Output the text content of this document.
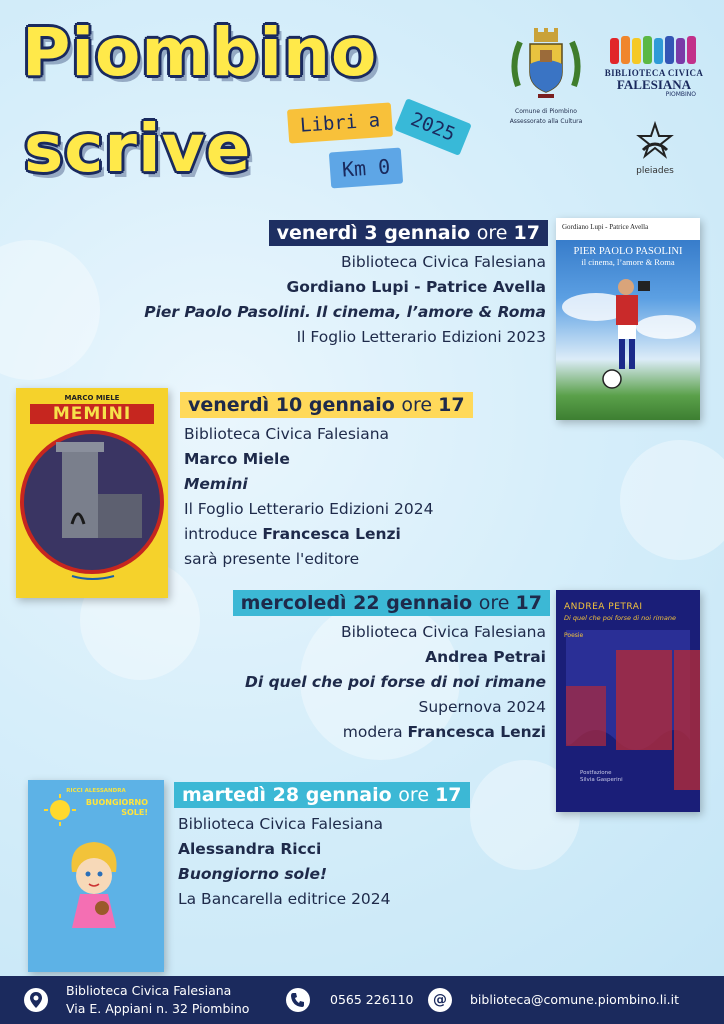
Piombino
scrive	Libri a	2025
Km 0
Comune di Piombino
Assessorato alla Cultura
BIBLIOTECA CIVICA
FALESIANA
PIOMBINO
pleiades
venerdì 3 gennaio ore 17
Biblioteca Civica Falesiana
Gordiano Lupi - Patrice Avella
Pier Paolo Pasolini. Il cinema, l’amore & Roma
Il Foglio Letterario Edizioni 2023
Gordiano Lupi - Patrice Avella
PIER PAOLO PASOLINI
il cinema, l’amore & Roma
MARCO MIELE
MEMINI	venerdì 10 gennaio ore 17
Biblioteca Civica Falesiana
Marco Miele
Memini
Il Foglio Letterario Edizioni 2024
introduce Francesca Lenzi
sarà presente l'editore
mercoledì 22 gennaio ore 17
Biblioteca Civica Falesiana
Andrea Petrai
Di quel che poi forse di noi rimane
Supernova 2024
modera Francesca Lenzi
ANDREA PETRAI
Di quel che poi forse di noi rimane
Poesie
Postfazione
Silvia Gasperini
RICCI ALESSANDRA
BUONGIORNO
SOLE!
martedì 28 gennaio ore 17
Biblioteca Civica Falesiana
Alessandra Ricci
Buongiorno sole!
La Bancarella editrice 2024
Biblioteca Civica Falesiana
Via E. Appiani n. 32 Piombino
0565 226110	@	biblioteca@comune.piombino.li.it
